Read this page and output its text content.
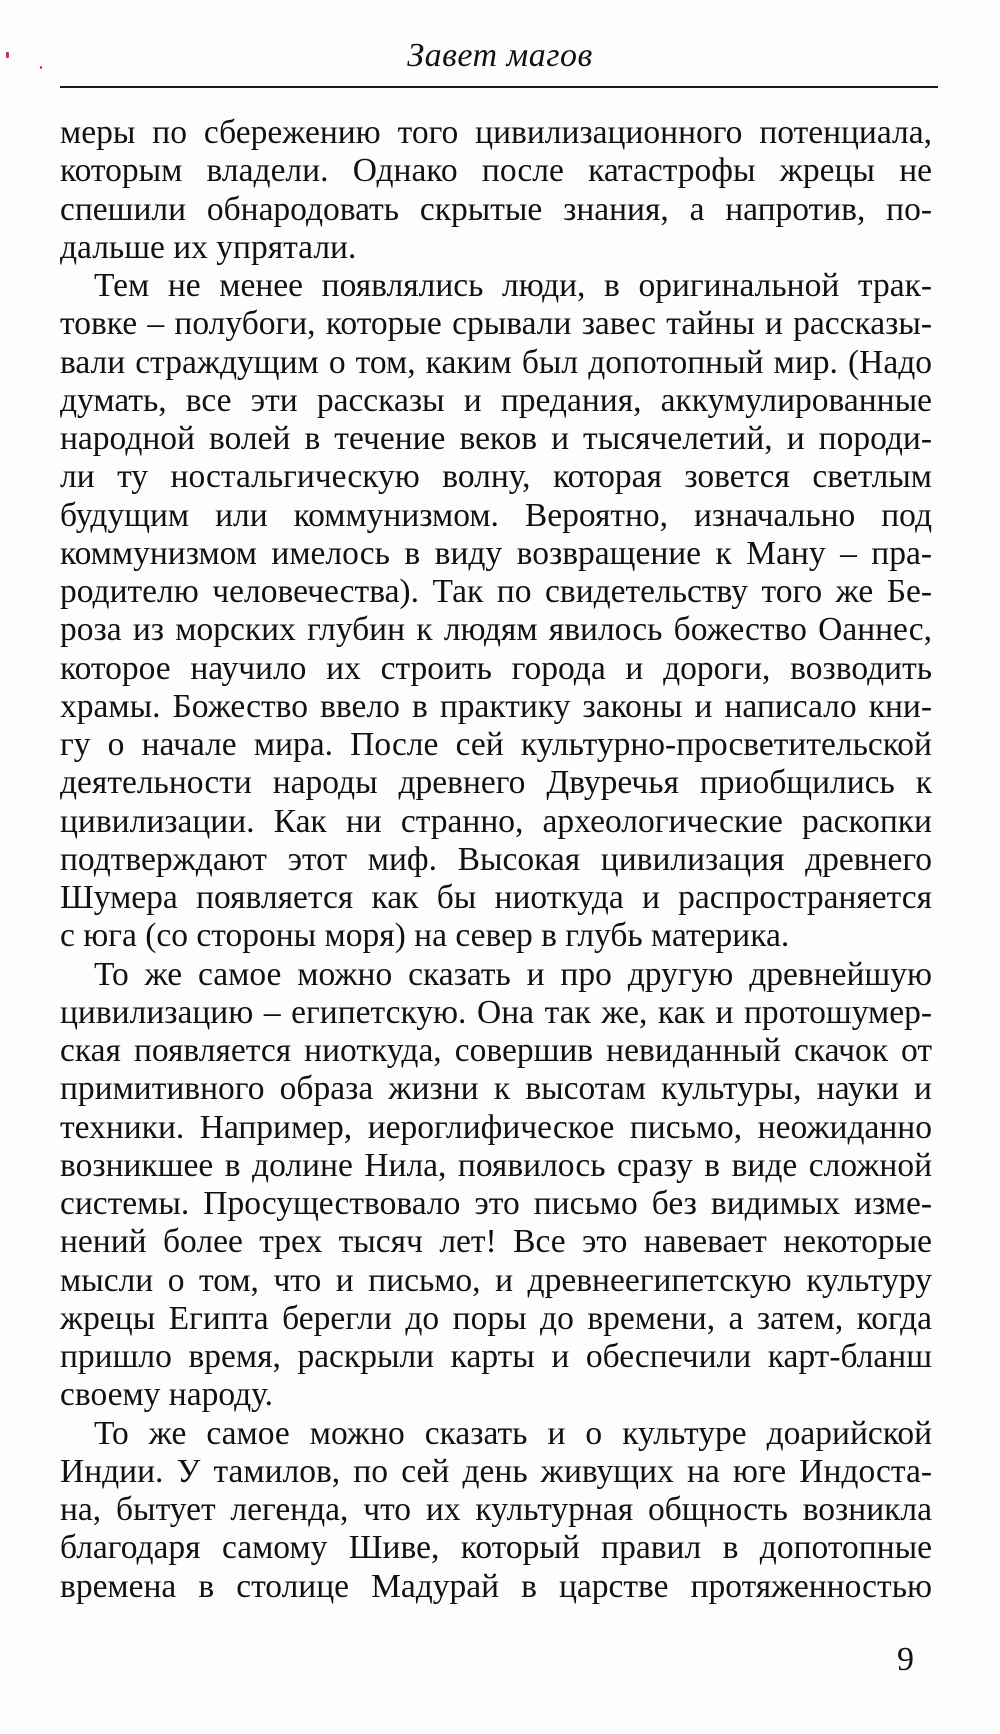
Завет магов

меры по сбережению того цивилизационного потенциала,
которым владели. Однако после катастрофы жрецы не
спешили обнародовать скрытые знания, а напротив, по-
дальше их упрятали.

Тем не менее появлялись люди, в оригинальной трак-
товке – полубоги, которые срывали завес тайны и рассказы-
вали страждущим о том, каким был допотопный мир. (Надо
думать, все эти рассказы и предания, аккумулированные
народной волей в течение веков и тысячелетий, и породи-
ли ту ностальгическую волну, которая зовется светлым
будущим или коммунизмом. Вероятно, изначально под
коммунизмом имелось в виду возвращение к Ману – пра-
родителю человечества). Так по свидетельству того же Бе-
роза из морских глубин к людям явилось божество Оаннес,
которое научило их строить города и дороги, возводить
храмы. Божество ввело в практику законы и написало кни-
гу о начале мира. После сей культурно-просветительской
деятельности народы древнего Двуречья приобщились к
цивилизации. Как ни странно, археологические раскопки
подтверждают этот миф. Высокая цивилизация древнего
Шумера появляется как бы ниоткуда и распространяется
с юга (со стороны моря) на север в глубь материка.

То же самое можно сказать и про другую древнейшую
цивилизацию – египетскую. Она так же, как и протошумер-
ская появляется ниоткуда, совершив невиданный скачок от
примитивного образа жизни к высотам культуры, науки и
техники. Например, иероглифическое письмо, неожиданно
возникшее в долине Нила, появилось сразу в виде сложной
системы. Просуществовало это письмо без видимых изме-
нений более трех тысяч лет! Все это навевает некоторые
мысли о том, что и письмо, и древнеегипетскую культуру
жрецы Египта берегли до поры до времени, а затем, когда
пришло время, раскрыли карты и обеспечили карт-бланш
своему народу.

То же самое можно сказать и о культуре доарийской
Индии. У тамилов, по сей день живущих на юге Индоста-
на, бытует легенда, что их культурная общность возникла
благодаря самому Шиве, который правил в допотопные
времена в столице Мадурай в царстве протяженностью

9
